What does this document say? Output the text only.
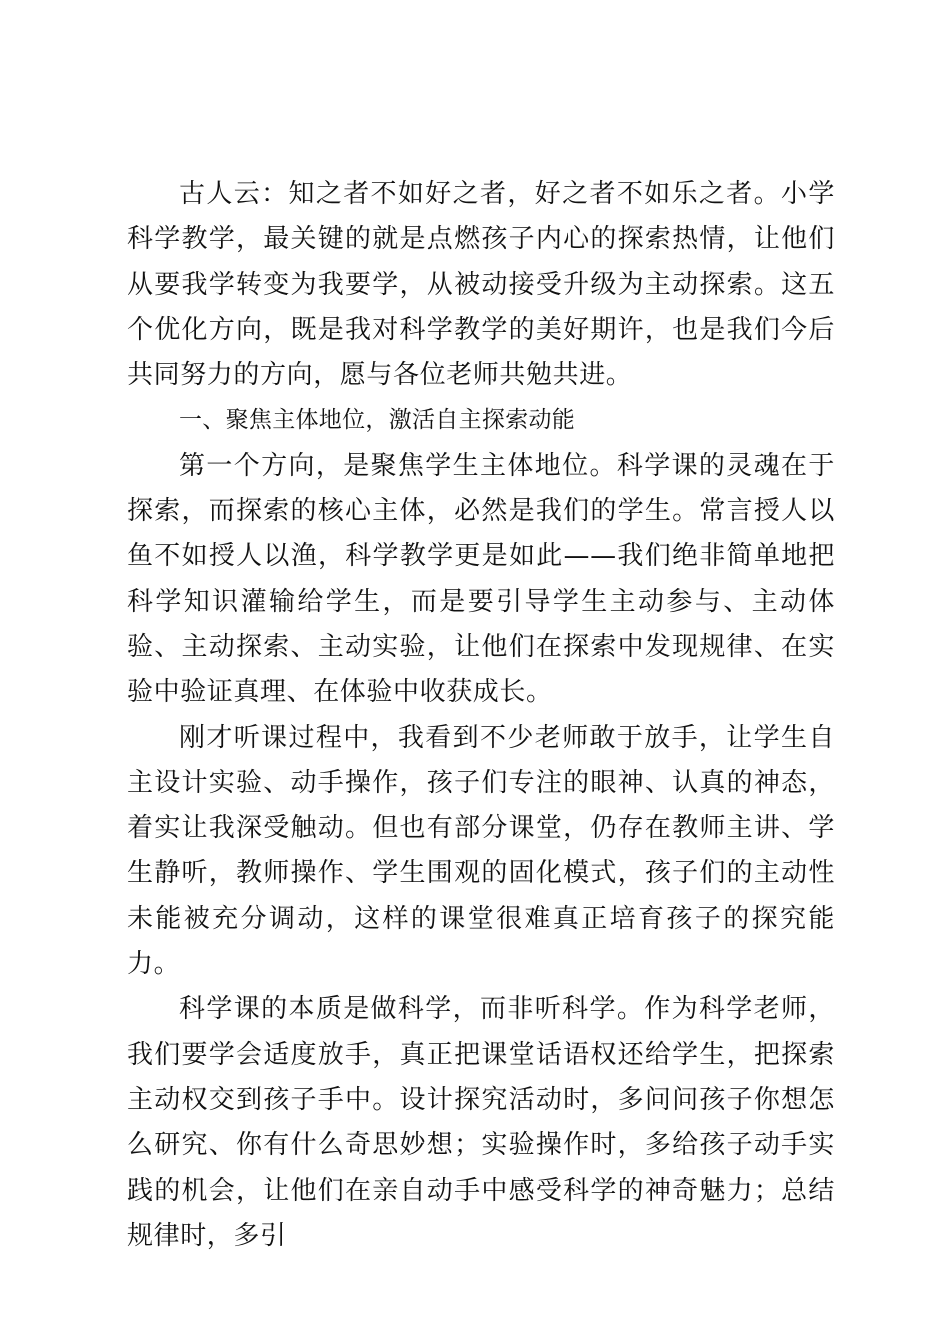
古人云：知之者不如好之者，好之者不如乐之者。小学科学教学，最关键的就是点燃孩子内心的探索热情，让他们从要我学转变为我要学，从被动接受升级为主动探索。这五个优化方向，既是我对科学教学的美好期许，也是我们今后共同努力的方向，愿与各位老师共勉共进。

一、聚焦主体地位，激活自主探索动能

第一个方向，是聚焦学生主体地位。科学课的灵魂在于探索，而探索的核心主体，必然是我们的学生。常言授人以鱼不如授人以渔，科学教学更是如此——我们绝非简单地把科学知识灌输给学生，而是要引导学生主动参与、主动体验、主动探索、主动实验，让他们在探索中发现规律、在实验中验证真理、在体验中收获成长。

刚才听课过程中，我看到不少老师敢于放手，让学生自主设计实验、动手操作，孩子们专注的眼神、认真的神态，着实让我深受触动。但也有部分课堂，仍存在教师主讲、学生静听，教师操作、学生围观的固化模式，孩子们的主动性未能被充分调动，这样的课堂很难真正培育孩子的探究能力。

科学课的本质是做科学，而非听科学。作为科学老师，我们要学会适度放手，真正把课堂话语权还给学生，把探索主动权交到孩子手中。设计探究活动时，多问问孩子你想怎么研究、你有什么奇思妙想；实验操作时，多给孩子动手实践的机会，让他们在亲自动手中感受科学的神奇魅力；总结规律时，多引
